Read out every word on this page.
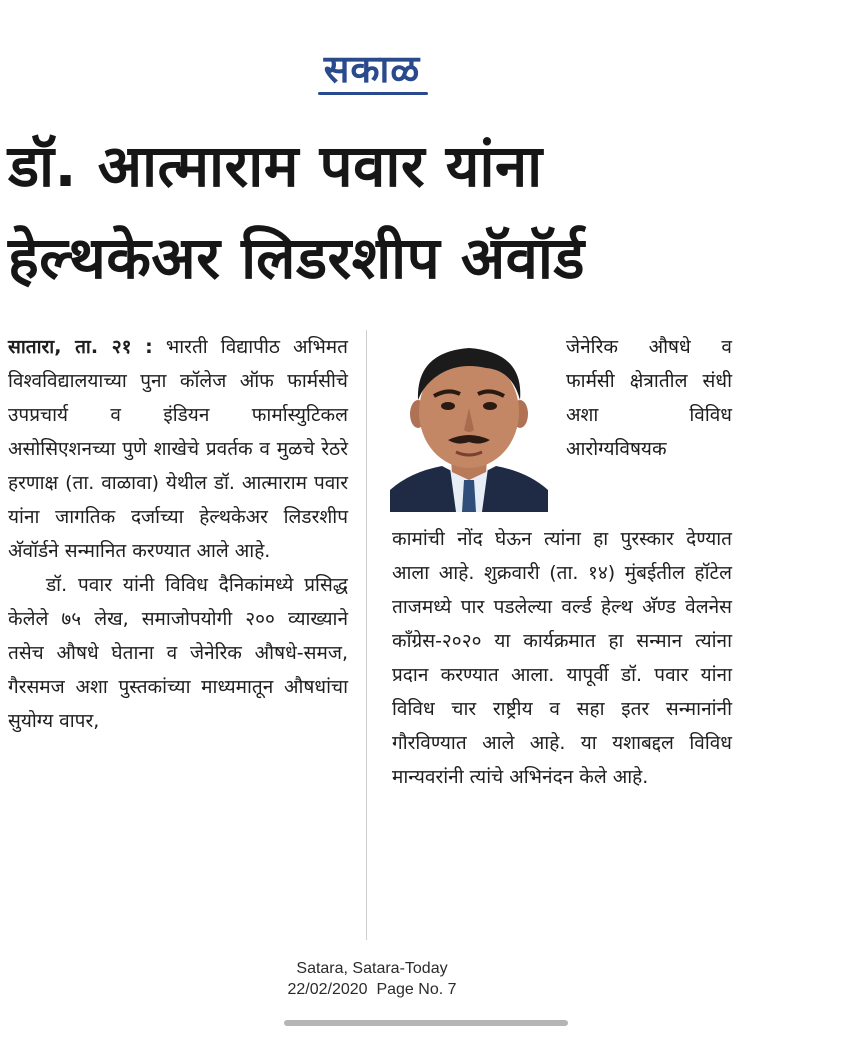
सकाळ
डॉ. आत्माराम पवार यांना
हेल्थकेअर लिडरशीप अ‍ॅवॉर्ड

सातारा, ता. २१ : भारती विद्यापीठ अभिमत विश्वविद्यालयाच्या पुना कॉलेज ऑफ फार्मसीचे उपप्रचार्य व इंडियन फार्मास्युटिकल असोसिएशनच्या पुणे शाखेचे प्रवर्तक व मुळचे रेठरे हरणाक्ष (ता. वाळावा) येथील डॉ. आत्माराम पवार यांना जागतिक दर्जाच्या हेल्थकेअर लिडरशीप अ‍ॅवॉर्डने सन्मानित करण्यात आले आहे.

डॉ. पवार यांनी विविध दैनिकांमध्ये प्रसिद्ध केलेले ७५ लेख, समाजोपयोगी २०० व्याख्याने तसेच औषधे घेताना व जेनेरिक औषधे-समज, गैरसमज अशा पुस्तकांच्या माध्यमातून औषधांचा सुयोग्य वापर,

जेनेरिक औषधे व फार्मसी क्षेत्रातील संधी अशा विविध आरोग्यविषयक

कामांची नोंद घेऊन त्यांना हा पुरस्कार देण्यात आला आहे. शुक्रवारी (ता. १४) मुंबईतील हॉटेल ताजमध्ये पार पडलेल्या वर्ल्ड हेल्थ अ‍ॅण्ड वेलनेस कॉंग्रेस-२०२० या कार्यक्रमात हा सन्मान त्यांना प्रदान करण्यात आला. यापूर्वी डॉ. पवार यांना विविध चार राष्ट्रीय व सहा इतर सन्मानांनी गौरविण्यात आले आहे. या यशाबद्दल विविध मान्यवरांनी त्यांचे अभिनंदन केले आहे.

Satara, Satara-Today
22/02/2020  Page No. 7
